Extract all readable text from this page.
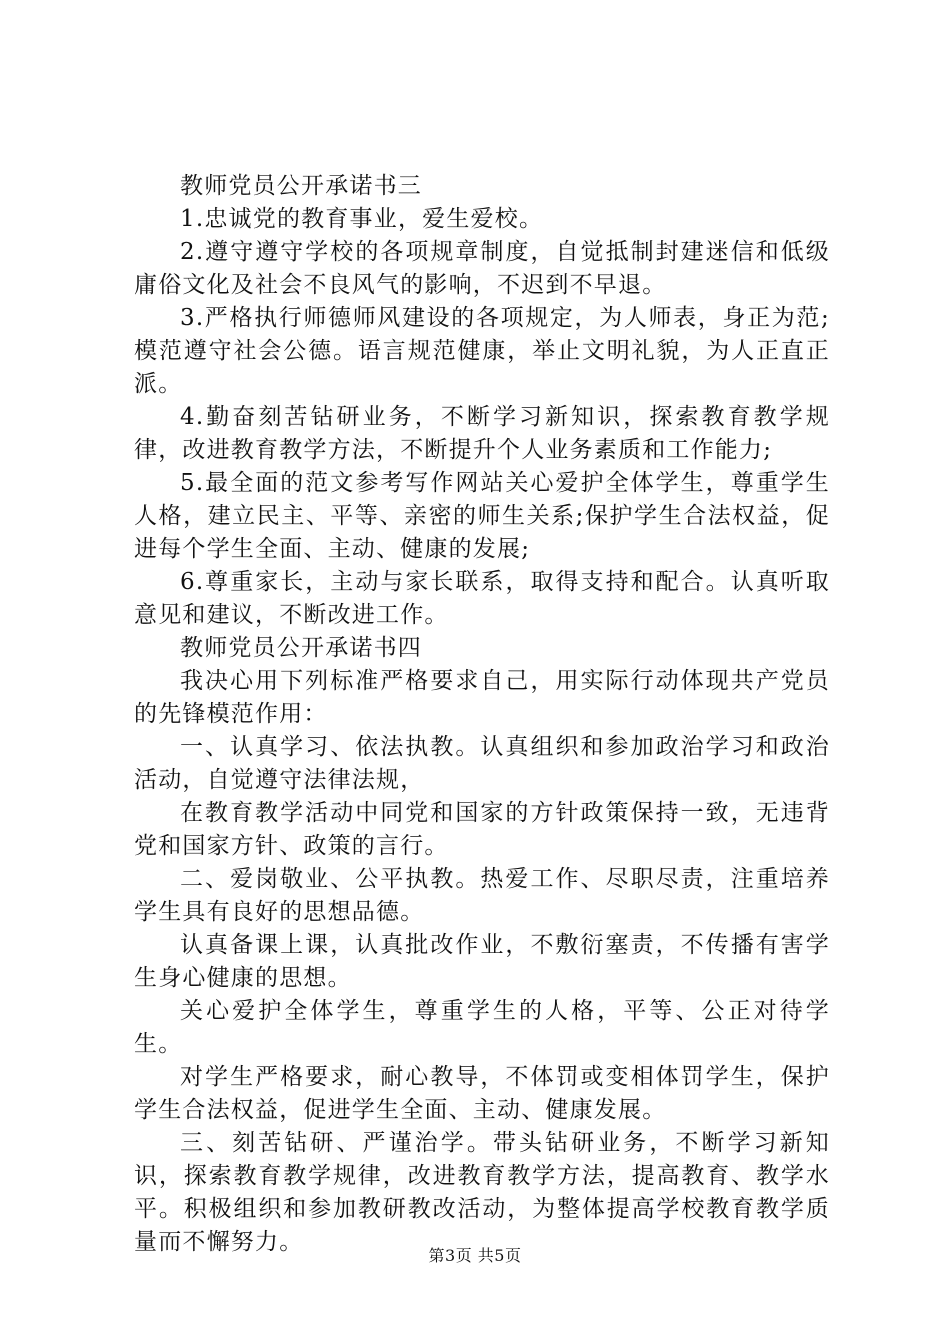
教师党员公开承诺书三

1.忠诚党的教育事业，爱生爱校。

2.遵守遵守学校的各项规章制度，自觉抵制封建迷信和低级庸俗文化及社会不良风气的影响，不迟到不早退。

3.严格执行师德师风建设的各项规定，为人师表，身正为范;模范遵守社会公德。语言规范健康，举止文明礼貌，为人正直正派。

4.勤奋刻苦钻研业务，不断学习新知识，探索教育教学规律，改进教育教学方法，不断提升个人业务素质和工作能力;

5.最全面的范文参考写作网站关心爱护全体学生，尊重学生人格，建立民主、平等、亲密的师生关系;保护学生合法权益，促进每个学生全面、主动、健康的发展;

6.尊重家长，主动与家长联系，取得支持和配合。认真听取意见和建议，不断改进工作。

教师党员公开承诺书四

我决心用下列标准严格要求自己，用实际行动体现共产党员的先锋模范作用：

一、认真学习、依法执教。认真组织和参加政治学习和政治活动，自觉遵守法律法规，

在教育教学活动中同党和国家的方针政策保持一致，无违背党和国家方针、政策的言行。

二、爱岗敬业、公平执教。热爱工作、尽职尽责，注重培养学生具有良好的思想品德。

认真备课上课，认真批改作业，不敷衍塞责，不传播有害学生身心健康的思想。

关心爱护全体学生，尊重学生的人格，平等、公正对待学生。

对学生严格要求，耐心教导，不体罚或变相体罚学生，保护学生合法权益，促进学生全面、主动、健康发展。

三、刻苦钻研、严谨治学。带头钻研业务，不断学习新知识，探索教育教学规律，改进教育教学方法，提高教育、教学水平。积极组织和参加教研教改活动，为整体提高学校教育教学质量而不懈努力。

第3页 共5页
